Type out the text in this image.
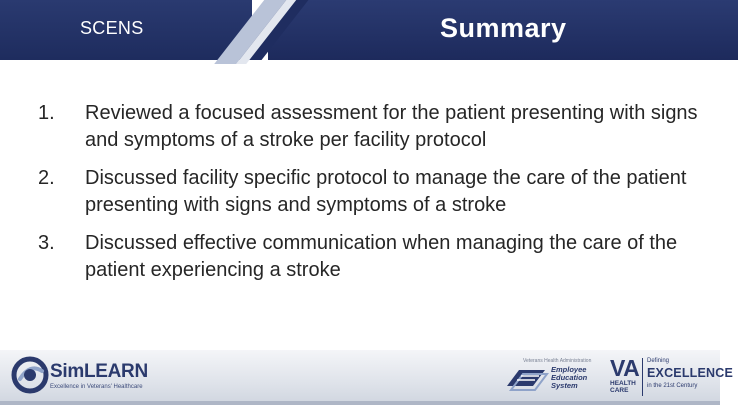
SCENS	Summary
1. Reviewed a focused assessment for the patient presenting with signs and symptoms of a stroke per facility protocol
2. Discussed facility specific protocol to manage the care of the patient presenting with signs and symptoms of a stroke
3. Discussed effective communication when managing the care of the patient experiencing a stroke
SimLEARN
Excellence in Veterans' Healthcare
Veterans Health Administration
Employee
Education
System
VA
HEALTH
CARE
Defining
EXCELLENCE
in the 21st Century
